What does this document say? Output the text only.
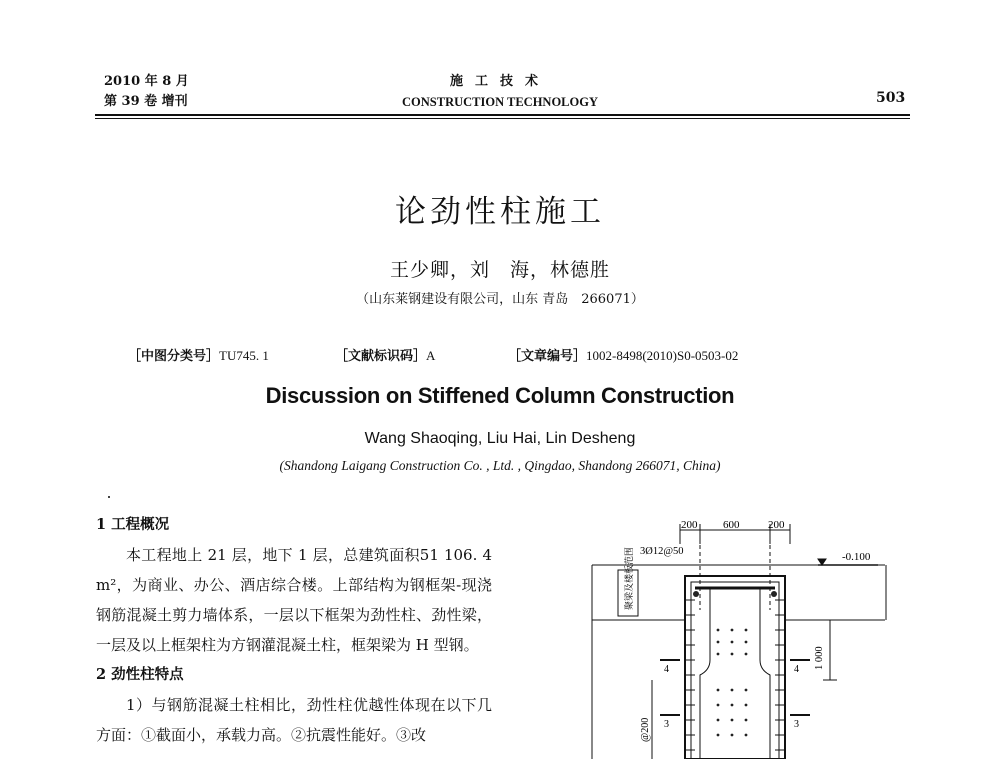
2010 年 8 月
第 39 卷 增刊
施工技术
CONSTRUCTION TECHNOLOGY	503
论劲性柱施工
王少卿，刘　海，林德胜
（山东莱钢建设有限公司，山东 青岛　266071）
［中图分类号］TU745. 1	［文献标识码］A	［文章编号］1002-8498(2010)S0-0503-02
Discussion on Stiffened Column Construction
Wang Shaoqing, Liu Hai, Lin Desheng
(Shandong Laigang Construction Co. , Ltd. , Qingdao, Shandong 266071, China)
1 工程概况

本工程地上 21 层，地下 1 层，总建筑面积51 106. 4 m²，为商业、办公、酒店综合楼。上部结构为钢框架-现浇钢筋混凝土剪力墙体系，一层以下框架为劲性柱、劲性梁，一层及以上框架柱为方钢灌混凝土柱，框架梁为 H 型钢。

2 劲性柱特点

1）与钢筋混凝土柱相比，劲性柱优越性体现在以下几方面：①截面小，承载力高。②抗震性能好。③改

200 600	200
3Ø12@50	-0.100
聚梁及楼板范围
1 000
@200
4	4
3	3
